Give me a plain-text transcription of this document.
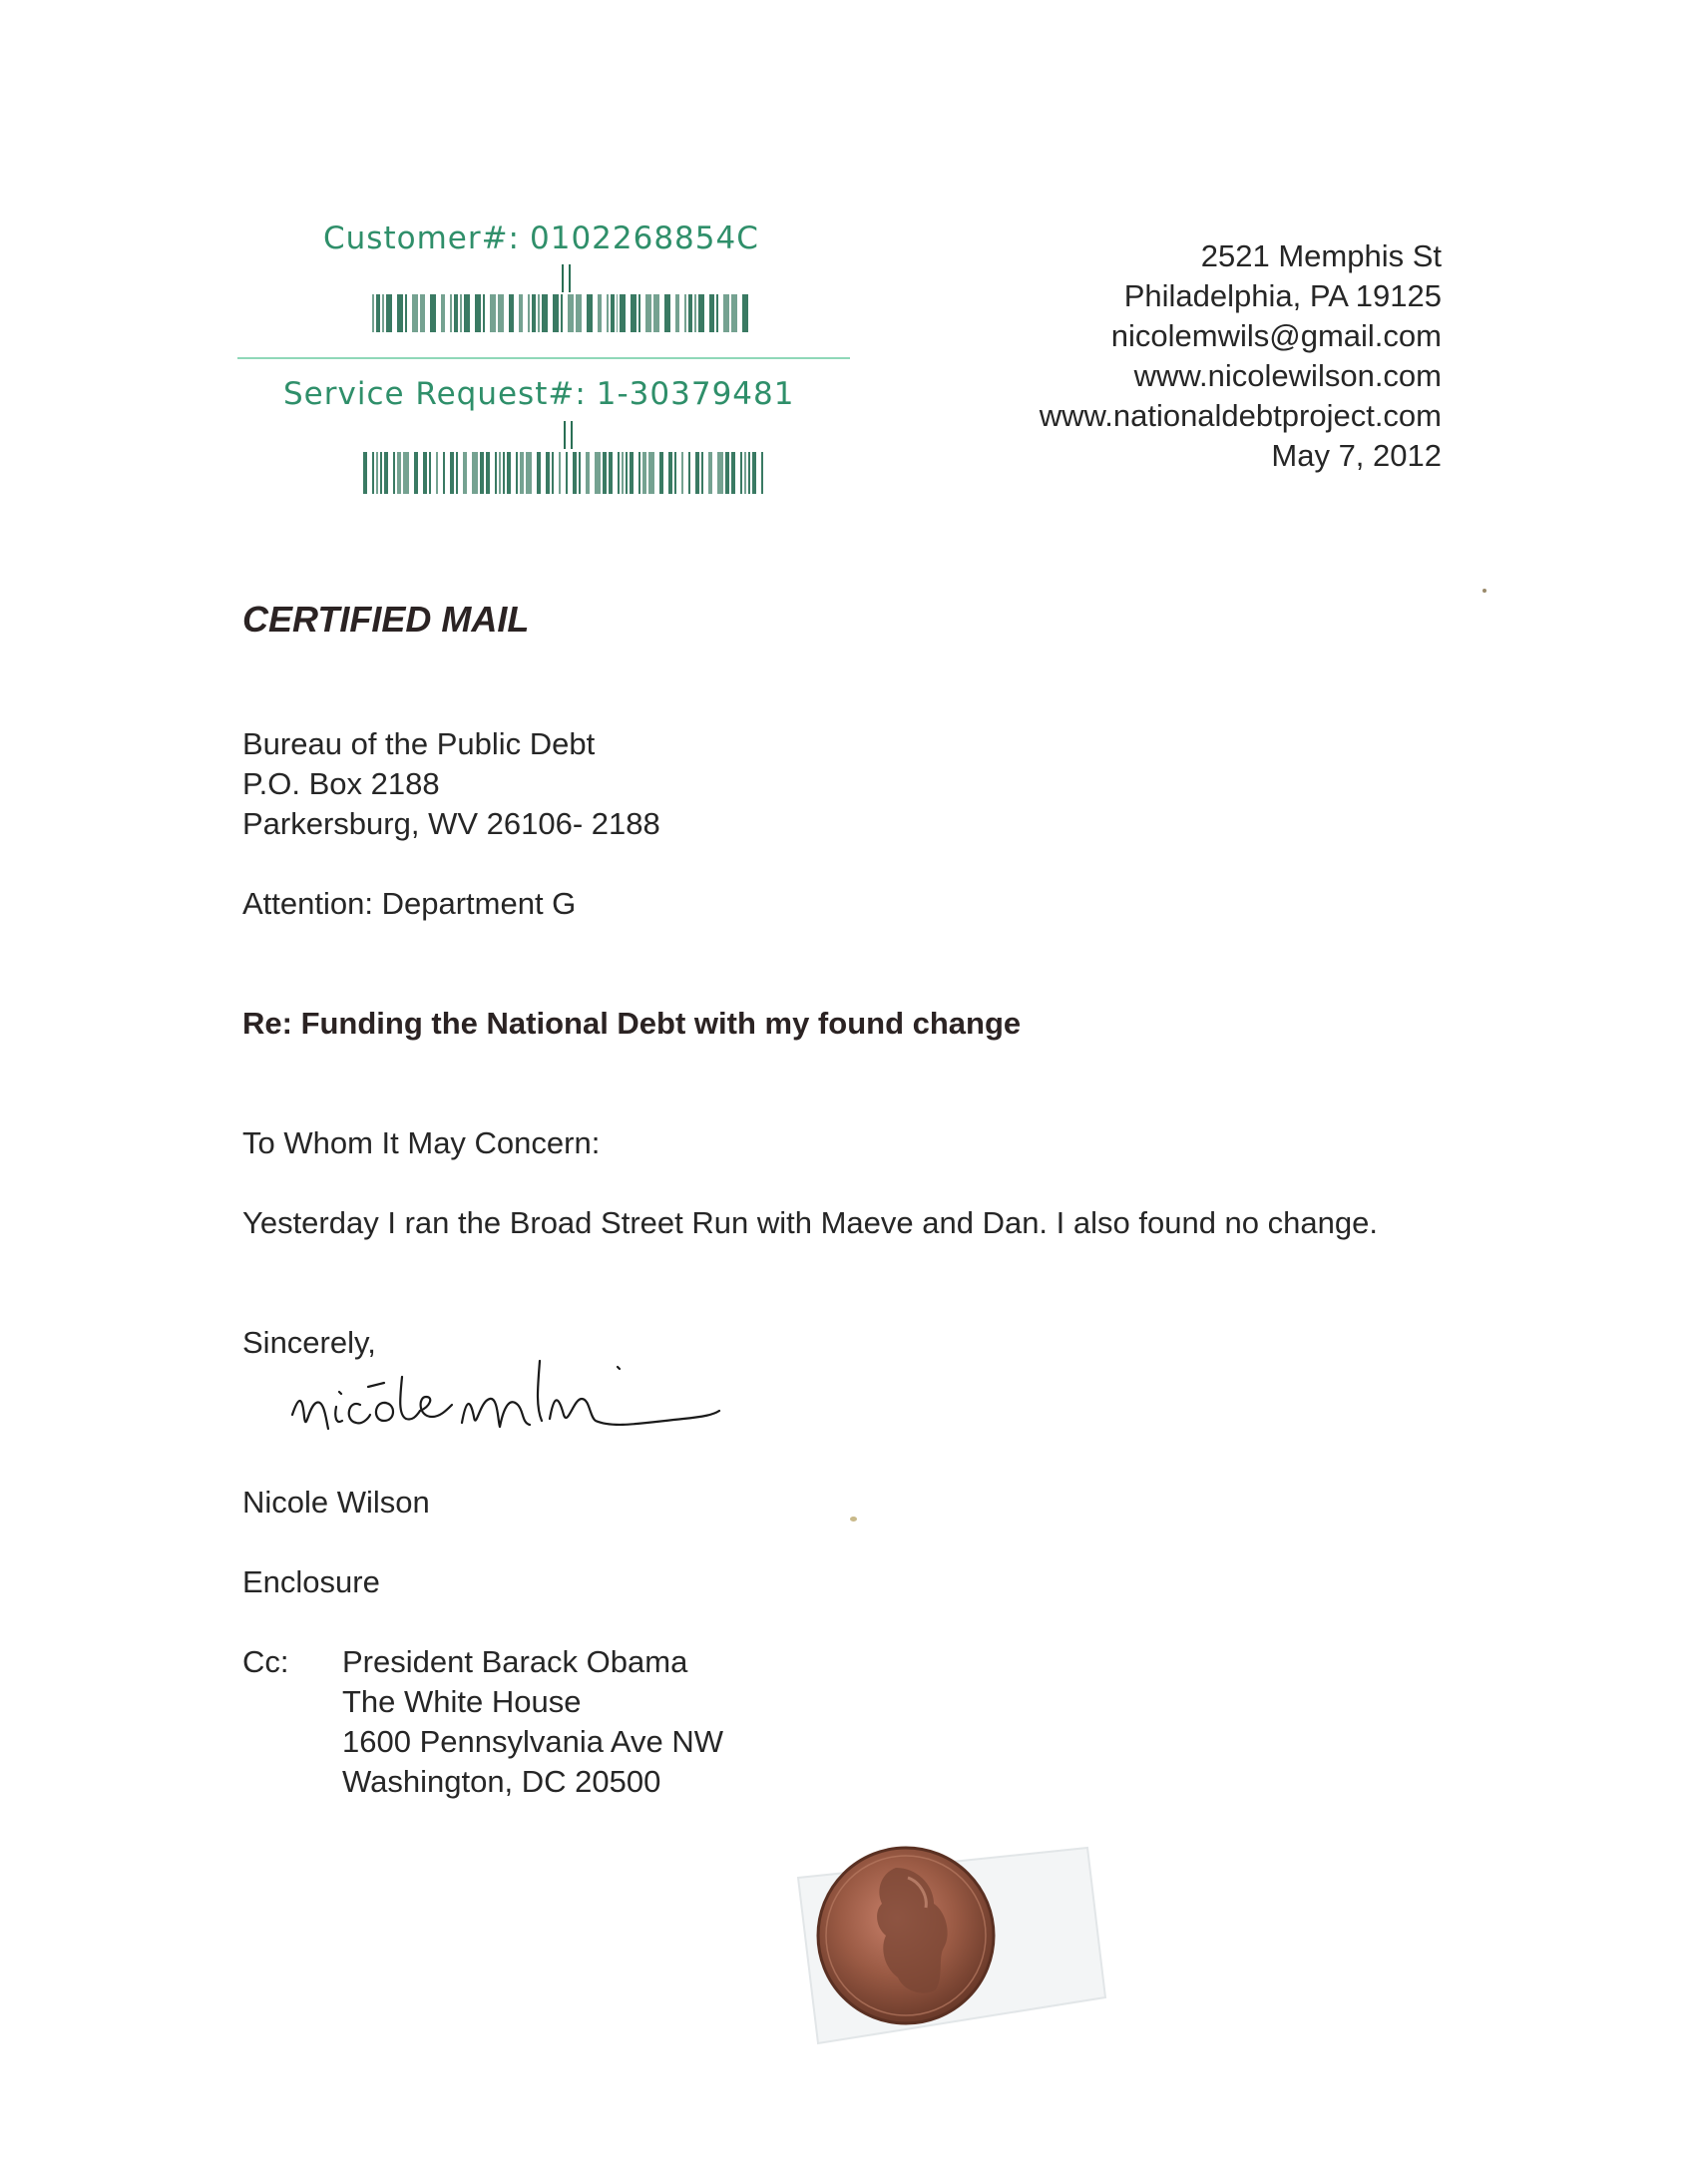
Customer#: 0102268854C
Service Request#: 1-30379481
2521 Memphis St
Philadelphia, PA 19125
nicolemwils@gmail.com
www.nicolewilson.com
www.nationaldebtproject.com
May 7, 2012
CERTIFIED MAIL
Bureau of the Public Debt
P.O. Box 2188
Parkersburg, WV 26106- 2188
Attention: Department G
Re: Funding the National Debt with my found change
To Whom It May Concern:
Yesterday I ran the Broad Street Run with Maeve and Dan. I also found no change.
Sincerely,
Nicole Wilson
Enclosure
Cc:	President Barack Obama
The White House
1600 Pennsylvania Ave NW
Washington, DC 20500
